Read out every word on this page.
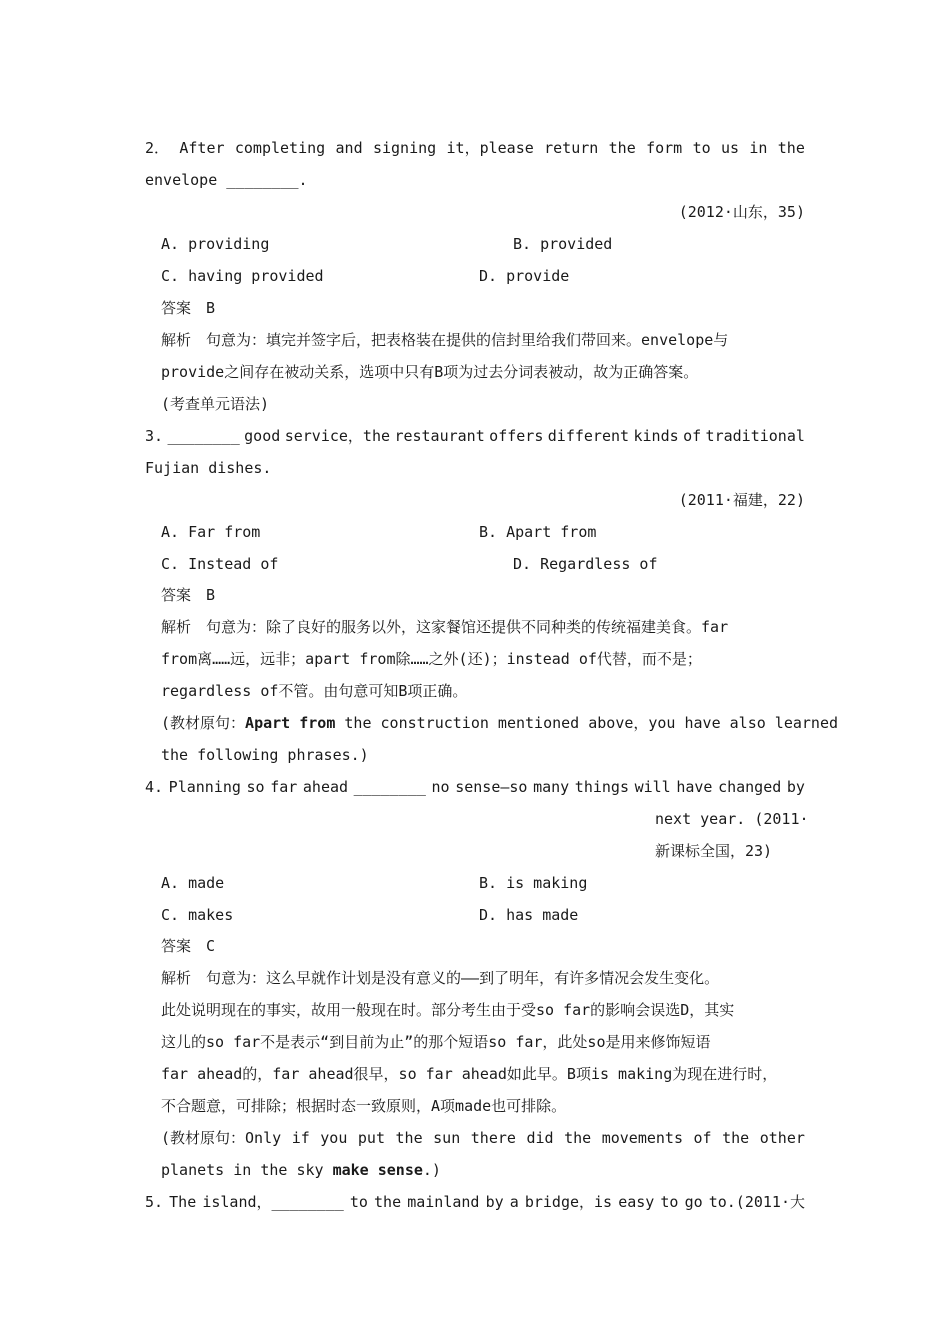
2． After completing and signing it，please return the form to us in the
envelope ________.
(2012·山东，35)
A. providing	B. provided
C. having provided	D. provide
答案　B
解析　句意为：填完并签字后，把表格装在提供的信封里给我们带回来。envelope与
provide之间存在被动关系，选项中只有B项为过去分词表被动，故为正确答案。
(考查单元语法)
3. ________ good service，the restaurant offers different kinds of traditional
Fujian dishes.
(2011·福建，22)
A. Far from	B. Apart from
C. Instead of	D. Regardless of
答案　B
解析　句意为：除了良好的服务以外，这家餐馆还提供不同种类的传统福建美食。far
from离……远，远非；apart from除……之外(还)；instead of代替，而不是；
regardless of不管。由句意可知B项正确。
(教材原句：Apart from the construction mentioned above，you have also learned
the following phrases.)
4. Planning so far ahead ________ no sense—so many things will have changed by
next year. (2011·
新课标全国，23)
A. made	B. is making
C. makes	D. has made
答案　C
解析　句意为：这么早就作计划是没有意义的——到了明年，有许多情况会发生变化。
此处说明现在的事实，故用一般现在时。部分考生由于受so far的影响会误选D，其实
这儿的so far不是表示“到目前为止”的那个短语so far，此处so是用来修饰短语
far ahead的，far ahead很早，so far ahead如此早。B项is making为现在进行时，
不合题意，可排除；根据时态一致原则，A项made也可排除。
(教材原句：Only if you put the sun there did the movements of the other
planets in the sky make sense.)
5. The island，________ to the mainland by a bridge，is easy to go to.(2011·大
